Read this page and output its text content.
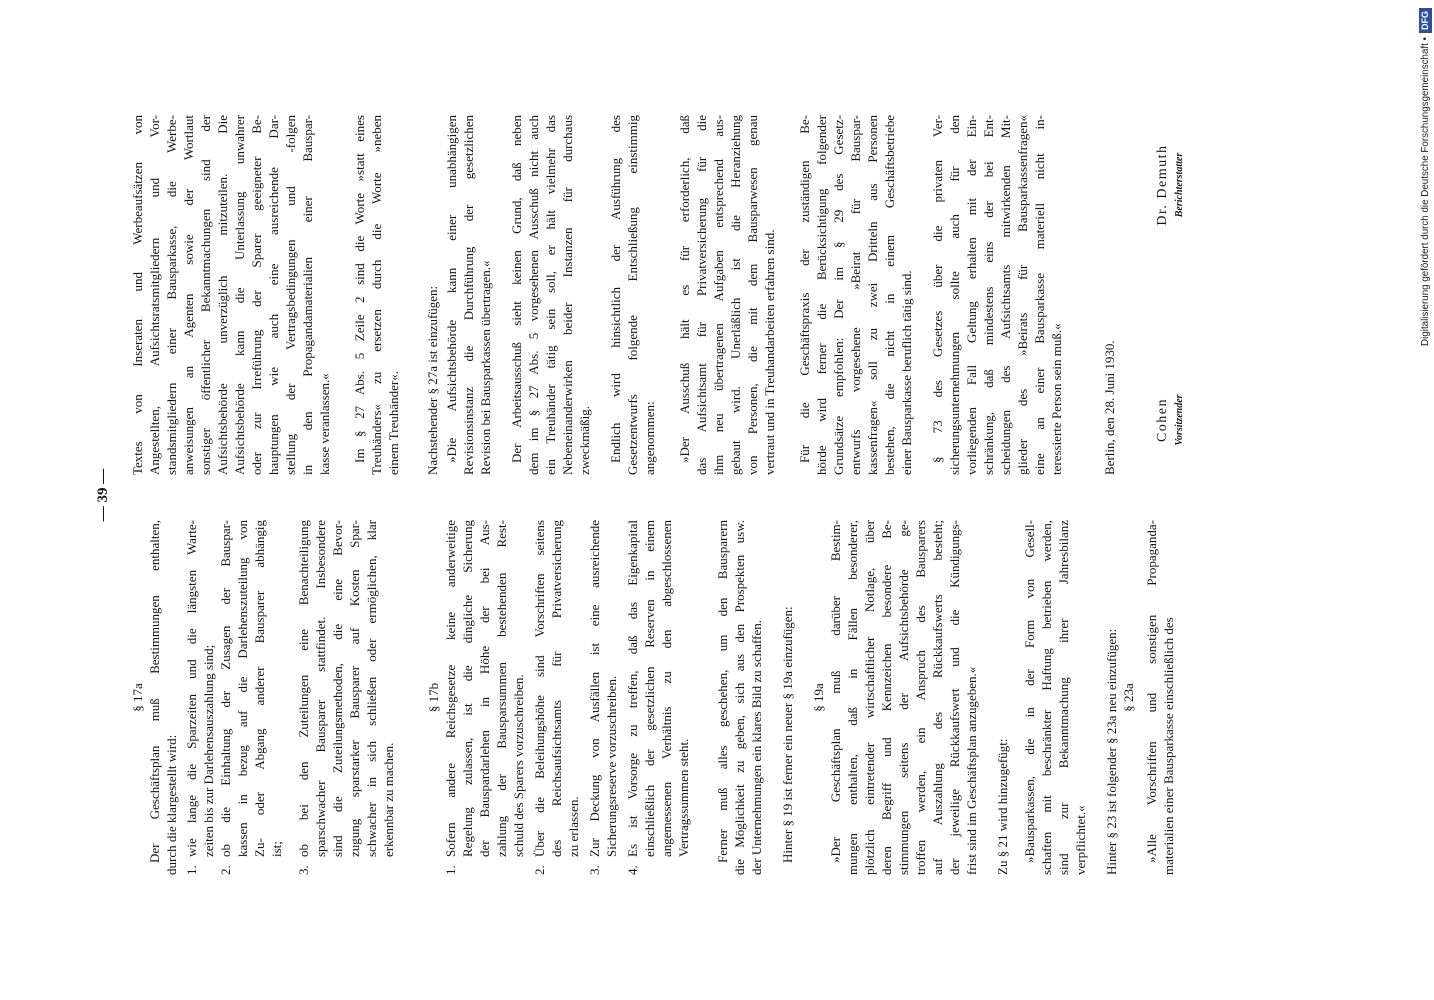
— 39 —
§ 17a Der Geschäftsplan muß Bestimmungen enthalten, durch die klargestellt wird: 1.
wie lange die Sparzeiten und die längsten Warte- zeiten bis zur Darlehensauszahlung sind;
2.
ob die Einhaltung der Zusagen der Bauspar- kassen in bezug auf die Darlehenszuteilung von Zu- oder Abgang anderer Bausparer abhängig ist;
3.
ob bei den Zuteilungen eine Benachteiligung sparschwacher Bausparer stattfindet. Insbesondere sind die Zuteilungsmethoden, die eine Bevor- zugung sparstarker Bausparer auf Kosten Spar- schwacher in sich schließen oder ermöglichen, klar erkennbar zu machen.
§ 17b
1.
Sofern andere Reichsgesetze keine anderweitige Regelung zulassen, ist die dingliche Sicherung der Bauspardarlehen in Höhe der bei Aus- zahlung der Bausparsummen bestehenden Rest- schuld des Sparers vorzuschreiben.
2.
Über die Beleihungshöhe sind Vorschriften seitens des Reichsaufsichtsamts für Privatversicherung zu erlassen.
3.
Zur Deckung von Ausfällen ist eine ausreichende Sicherungsreserve vorzuschreiben.
4.
Es ist Vorsorge zu treffen, daß das Eigenkapital einschließlich der gesetzlichen Reserven in einem angemessenen Verhältnis zu den abgeschlossenen Vertragssummen steht. Ferner muß alles geschehen, um den Bausparern die Möglichkeit zu geben, sich aus den Prospekten usw. der Unternehmungen ein klares Bild zu schaffen. Hinter § 19 ist ferner ein neuer § 19a einzufügen: § 19a »Der Geschäftsplan muß darüber Bestim- mungen enthalten, daß in Fällen besonderer, plötzlich eintretender wirtschaftlicher Notlage, über deren Begriff und Kennzeichen besondere Be- stimmungen seitens der Aufsichtsbehörde ge- troffen werden, ein Anspruch des Bausparers auf Auszahlung des Rückkaufswerts besteht; der jeweilige Rückkaufswert und die Kündigungs- frist sind im Geschäftsplan anzugeben.« Zu § 21 wird hinzugefügt: »Bausparkassen, die in der Form von Gesell- schaften mit beschränkter Haftung betrieben werden, sind zur Bekanntmachung ihrer Jahresbilanz verpflichtet.« Hinter § 23 ist folgender § 23a neu einzufügen: § 23a »Alle Vorschriften und sonstigen Propaganda- materialien einer Bausparkasse einschließlich des
Textes von Inseraten und Werbeaufsätzen von Angestellten, Aufsichtsratsmitgliedern und Vor- standsmitgliedern einer Bausparkasse, die Werbe- anweisungen an Agenten sowie der Wortlaut sonstiger öffentlicher Bekanntmachungen sind der Aufsichtsbehörde unverzüglich mitzuteilen. Die Aufsichtsbehörde kann die Unterlassung unwahrer oder zur Irreführung der Sparer geeigneter Be- hauptungen wie auch eine ausreichende Dar- stellung der Vertragsbedingungen und -folgen in den Propagandamaterialien einer Bauspar- kasse veranlassen.« Im § 27 Abs. 5 Zeile 2 sind die Worte »statt eines Treuhänders« zu ersetzen durch die Worte »neben einem Treuhänder«. Nachstehender § 27a ist einzufügen: »Die Aufsichtsbehörde kann einer unabhängigen Revisionsinstanz die Durchführung der gesetzlichen Revision bei Bausparkassen übertragen.« Der Arbeitsausschuß sieht keinen Grund, daß neben dem im § 27 Abs. 5 vorgesehenen Ausschuß nicht auch ein Treuhänder tätig sein soll, er hält vielmehr das Nebeneinanderwirken beider Instanzen für durchaus zweckmäßig. Endlich wird hinsichtlich der Ausführung des Gesetzentwurfs folgende Entschließung einstimmig angenommen: »Der Ausschuß hält es für erforderlich, daß das Aufsichtsamt für Privatversicherung für die ihm neu übertragenen Aufgaben entsprechend aus- gebaut wird. Unerläßlich ist die Heranziehung von Personen, die mit dem Bausparwesen genau vertraut und in Treuhandarbeiten erfahren sind. Für die Geschäftspraxis der zuständigen Be- hörde wird ferner die Berücksichtigung folgender Grundsätze empfohlen: Der im § 29 des Gesetz- entwurfs vorgesehene »Beirat für Bauspar- kassenfragen« soll zu zwei Dritteln aus Personen bestehen, die nicht in einem Geschäftsbetriebe einer Bausparkasse beruflich tätig sind. § 73 des Gesetzes über die privaten Ver- sicherungsunternehmungen sollte auch für den vorliegenden Fall Geltung erhalten mit der Ein- schränkung, daß mindestens eins der bei Ent- scheidungen des Aufsichtsamts mitwirkenden Mit- glieder des »Beirats für Bausparkassenfragen« eine an einer Bausparkasse materiell nicht in- teressierte Person sein muß.«	Berlin, den 28. Juni 1930.	Cohen Vorsitzender
Dr. Demuth Berichterstatter	Digitalisierung gefördert durch die Deutsche Forschungsgemeinschaft •
DFG
